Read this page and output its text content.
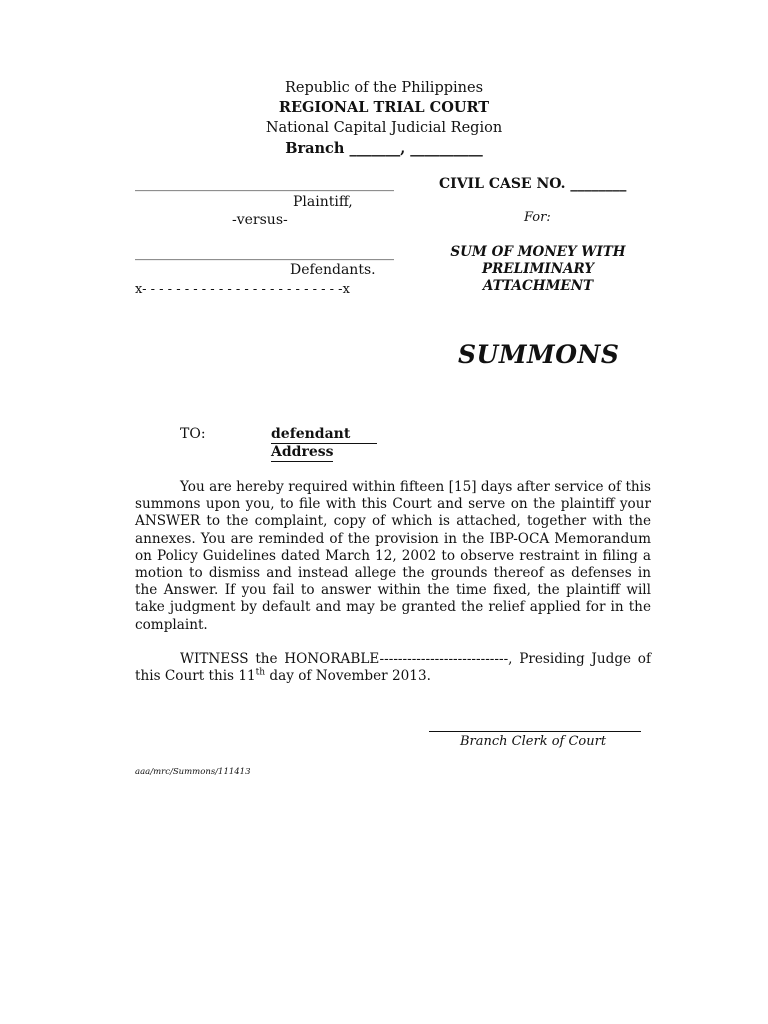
Republic of the Philippines
REGIONAL TRIAL COURT
National Capital Judicial Region
Branch _______, __________
_____________________________________
Plaintiff,
-versus-
_____________________________________
Defendants.
x- - - - - - - - - - - - - - - - - - - - - - - -x
CIVIL CASE NO. ________
For:
SUM OF MONEY WITH PRELIMINARY ATTACHMENT
SUMMONS
TO:	defendant
Address

You are hereby required within fifteen [15] days after service of this summons upon you, to file with this Court and serve on the plaintiff your ANSWER to the complaint, copy of which is attached, together with the annexes. You are reminded of the provision in the IBP-OCA Memorandum on Policy Guidelines dated March 12, 2002 to observe restraint in filing a motion to dismiss and instead allege the grounds thereof as defenses in the Answer. If you fail to answer within the time fixed, the plaintiff will take judgment by default and may be granted the relief applied for in the complaint.

WITNESS the HONORABLE----------------------------, Presiding Judge of this Court this 11th day of November 2013.

Branch Clerk of Court
aaa/mrc/Summons/111413
